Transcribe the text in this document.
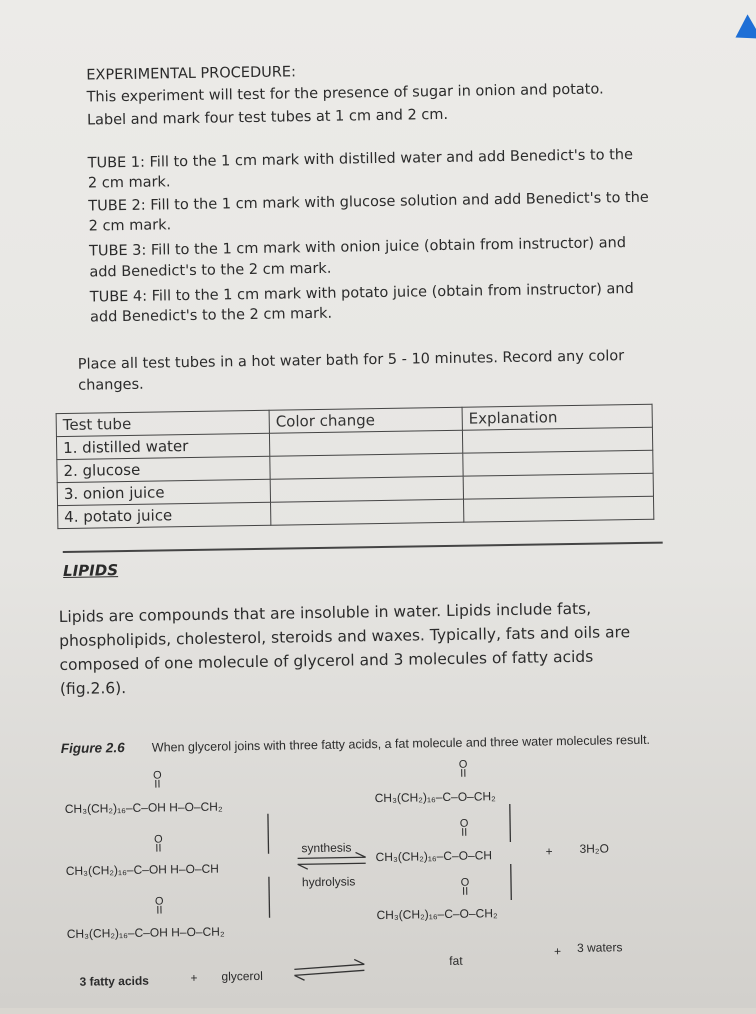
EXPERIMENTAL PROCEDURE:
This experiment will test for the presence of sugar in onion and potato.
Label and mark four test tubes at 1 cm and 2 cm.
TUBE 1: Fill to the 1 cm mark with distilled water and add Benedict's to the
2 cm mark.
TUBE 2: Fill to the 1 cm mark with glucose solution and add Benedict's to the
2 cm mark.
TUBE 3: Fill to the 1 cm mark with onion juice (obtain from instructor) and
add Benedict's to the 2 cm mark.
TUBE 4: Fill to the 1 cm mark with potato juice (obtain from instructor) and
add Benedict's to the 2 cm mark.
Place all test tubes in a hot water bath for 5 - 10 minutes. Record any color
changes.
Test tube	Color change	Explanation
1. distilled water		
2. glucose		
3. onion juice		
4. potato juice		
LIPIDS
Lipids are compounds that are insoluble in water. Lipids include fats,
phospholipids, cholesterol, steroids and waxes. Typically, fats and oils are
composed of one molecule of glycerol and 3 molecules of fatty acids
(fig.2.6).
Figure 2.6 When glycerol joins with three fatty acids, a fat molecule and three water molecules result.
O
II
CH₃(CH₂)₁₆–C–OH H–O–CH₂
O
II
CH₃(CH₂)₁₆–C–OH H–O–CH
O
II
CH₃(CH₂)₁₆–C–OH H–O–CH₂
O
II
CH₃(CH₂)₁₆–C–O–CH₂
O
II
CH₃(CH₂)₁₆–C–O–CH
O
II
CH₃(CH₂)₁₆–C–O–CH₂
synthesis
hydrolysis
+ 3H₂O
3 fatty acids	+ glycerol
fat
+ 3 waters
